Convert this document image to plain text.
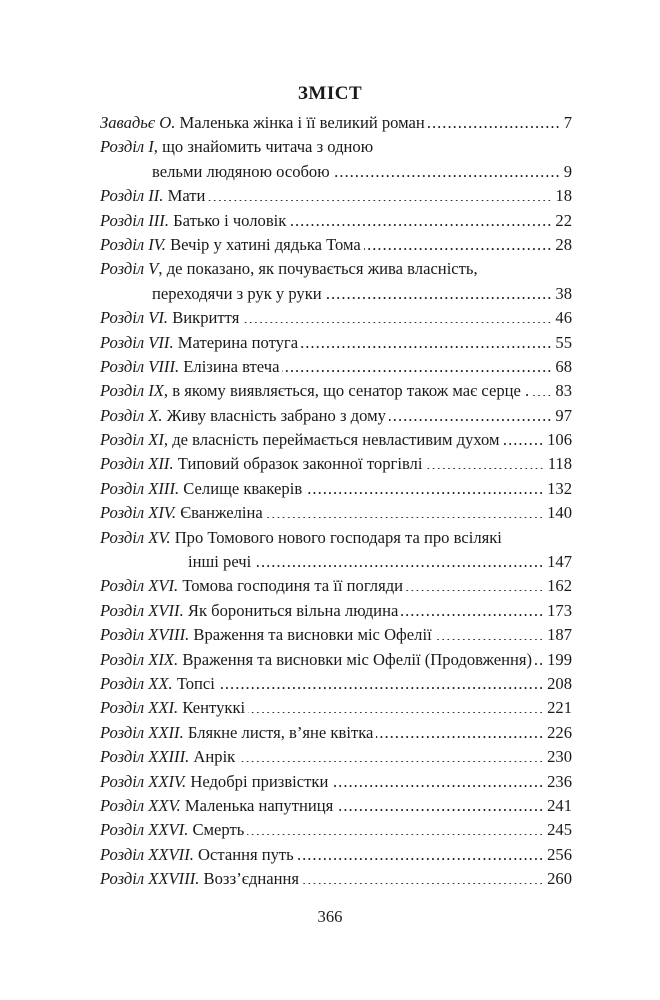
ЗМІСТ
Завадьє О. Маленька жінка і її великий роман .....	7
Розділ I , що знайомить читача з одною
вельми людяною особою .....	9
Розділ II. Мати .....	18
Розділ III. Батько і чоловік .....	22
Розділ IV. Вечір у хатині дядька Тома .....	28
Розділ V , де показано, як почувається жива власність,
переходячи з рук у руки .....	38
Розділ VI. Викриття .....	46
Розділ VII. Материна потуга .....	55
Розділ VIII. Елізина втеча .....	68
Розділ IX , в якому виявляється, що сенатор також має серце . ..... 83
Розділ X. Живу власність забрано з дому .....	97
Розділ XI , де власність переймається невластивим духом .....	106
Розділ XII. Типовий образок законної торгівлі .....	118
Розділ XIII. Селище квакерів .....	132
Розділ XIV. Єванжеліна .....	140
Розділ XV. Про Томового нового господаря та про всілякі
інші речі .....	147
Розділ XVI. Томова господиня та її погляди .....	162
Розділ XVII. Як борониться вільна людина .....	173
Розділ XVIII. Враження та висновки міс Офелії .....	187
Розділ XIX. Враження та висновки міс Офелії (Продовження) ..... 199
Розділ XX. Топсі .....	208
Розділ XXI. Кентуккі .....	221
Розділ XXII. Блякне листя, в’яне квітка .....	226
Розділ XXIII. Анрік .....	230
Розділ XXIV. Недобрі призвістки .....	236
Розділ XXV. Маленька напутниця .....	241
Розділ XXVI. Смерть .....	245
Розділ XXVII. Остання путь .....	256
Розділ XXVIII. Возз’єднання .....	260
366
